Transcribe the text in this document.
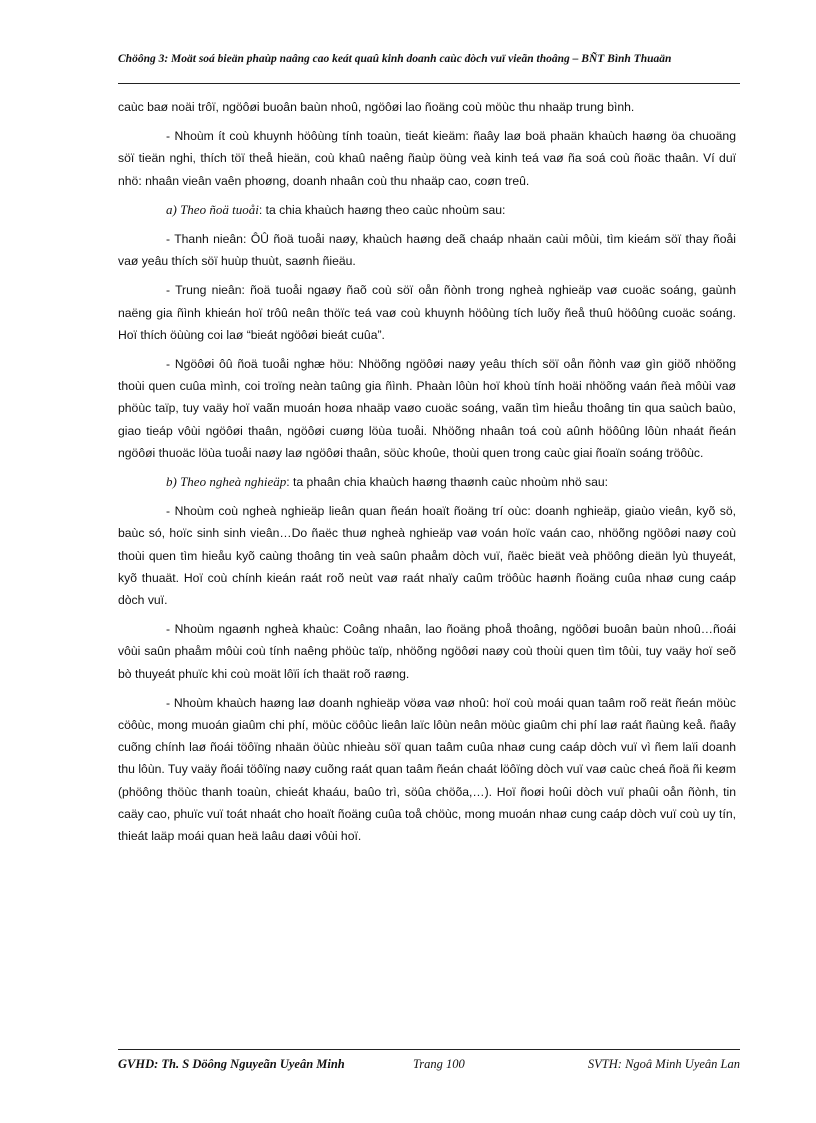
Chöông 3: Moät soá bieän phaùp naâng cao keát quaû kinh doanh caùc dòch vuï vieãn thoâng – BÑT Bình Thuaän

caùc baø noäi trôï, ngöôøi buoân baùn nhoû, ngöôøi lao ñoäng coù möùc thu nhaäp trung bình.

- Nhoùm ít coù khuynh höôùng tính toaùn, tieát kieäm: ñaây laø boä phaän khaùch haøng öa chuoäng söï tieän nghi, thích töï theå hieän, coù khaû naêng ñaùp öùng veà kinh teá vaø ña soá coù ñoäc thaân. Ví duï nhö: nhaân vieân vaên phoøng, doanh nhaân coù thu nhaäp cao, coøn treû.

a) Theo ñoä tuoåi: ta chia khaùch haøng theo caùc nhoùm sau:

- Thanh nieân: ÔÛ ñoä tuoåi naøy, khaùch haøng deã chaáp nhaän caùi môùi, tìm kieám söï thay ñoåi vaø yeâu thích söï huùp thuùt, saønh ñieäu.

- Trung nieân: ñoä tuoåi ngaøy ñaõ coù söï oån ñònh trong ngheà nghieäp vaø cuoäc soáng, gaùnh naëng gia ñình khieán hoï trôû neân thöïc teá vaø coù khuynh höôùng tích luõy ñeå thuû höôûng cuoäc soáng. Hoï thích öùùng coi laø “bieát ngöôøi bieát cuûa”.

- Ngöôøi ôû ñoä tuoåi nghæ höu: Nhöõng ngöôøi naøy yeâu thích söï oån ñònh vaø gìn giöõ nhöõng thoùi quen cuûa mình, coi troïng neàn taûng gia ñình. Phaàn lôùn hoï khoù tính hoäi nhöõng vaán ñeà môùi vaø phöùc taïp, tuy vaäy hoï vaãn muoán hoøa nhaäp vaøo cuoäc soáng, vaãn tìm hieåu thoâng tin qua saùch baùo, giao tieáp vôùi ngöôøi thaân, ngöôøi cuøng löùa tuoåi. Nhöõng nhaân toá coù aûnh höôûng lôùn nhaát ñeán ngöôøi thuoäc löùa tuoåi naøy laø ngöôøi thaân, söùc khoûe, thoùi quen trong caùc giai ñoaïn soáng tröôùc.

b) Theo ngheà nghieäp: ta phaân chia khaùch haøng thaønh caùc nhoùm nhö sau:

- Nhoùm coù ngheà nghieäp lieân quan ñeán hoaït ñoäng trí oùc: doanh nghieäp, giaùo vieân, kyõ sö, baùc só, hoïc sinh sinh vieân…Do ñaëc thuø ngheà nghieäp vaø voán hoïc vaán cao, nhöõng ngöôøi naøy coù thoùi quen tìm hieåu kyõ caùng thoâng tin veà saûn phaåm dòch vuï, ñaëc bieät veà phöông dieän lyù thuyeát, kyõ thuaät. Hoï coù chính kieán raát roõ neùt vaø raát nhaïy caûm tröôùc haønh ñoäng cuûa nhaø cung caáp dòch vuï.

- Nhoùm ngaønh ngheà khaùc: Coâng nhaân, lao ñoäng phoå thoâng, ngöôøi buoân baùn nhoû…ñoái vôùi saûn phaåm môùi coù tính naêng phöùc taïp, nhöõng ngöôøi naøy coù thoùi quen tìm tôùi, tuy vaäy hoï seõ bò thuyeát phuïc khi coù moät lôïi ích thaät roõ raøng.

- Nhoùm khaùch haøng laø doanh nghieäp vöøa vaø nhoû: hoï coù moái quan taâm roõ reät ñeán möùc cöôùc, mong muoán giaûm chi phí, möùc cöôùc lieân laïc lôùn neân möùc giaûm chi phí laø raát ñaùng keå. ñaây cuõng chính laø ñoái töôïng nhaän öùùc nhieàu söï quan taâm cuûa nhaø cung caáp dòch vuï vì ñem laïi doanh thu lôùn. Tuy vaäy ñoái töôïng naøy cuõng raát quan taâm ñeán chaát löôïng dòch vuï vaø caùc cheá ñoä ñi keøm (phöông thöùc thanh toaùn, chieát khaáu, baûo trì, söûa chöõa,…). Hoï ñoøi hoûi dòch vuï phaûi oån ñònh, tin caäy cao, phuïc vuï toát nhaát cho hoaït ñoäng cuûa toå chöùc, mong muoán nhaø cung caáp dòch vuï coù uy tín, thieát laäp moái quan heä laâu daøi vôùi hoï.

GVHD: Th. S Döông Nguyeãn Uyeân Minh	Trang 100	SVTH: Ngoâ Minh Uyeân Lan
